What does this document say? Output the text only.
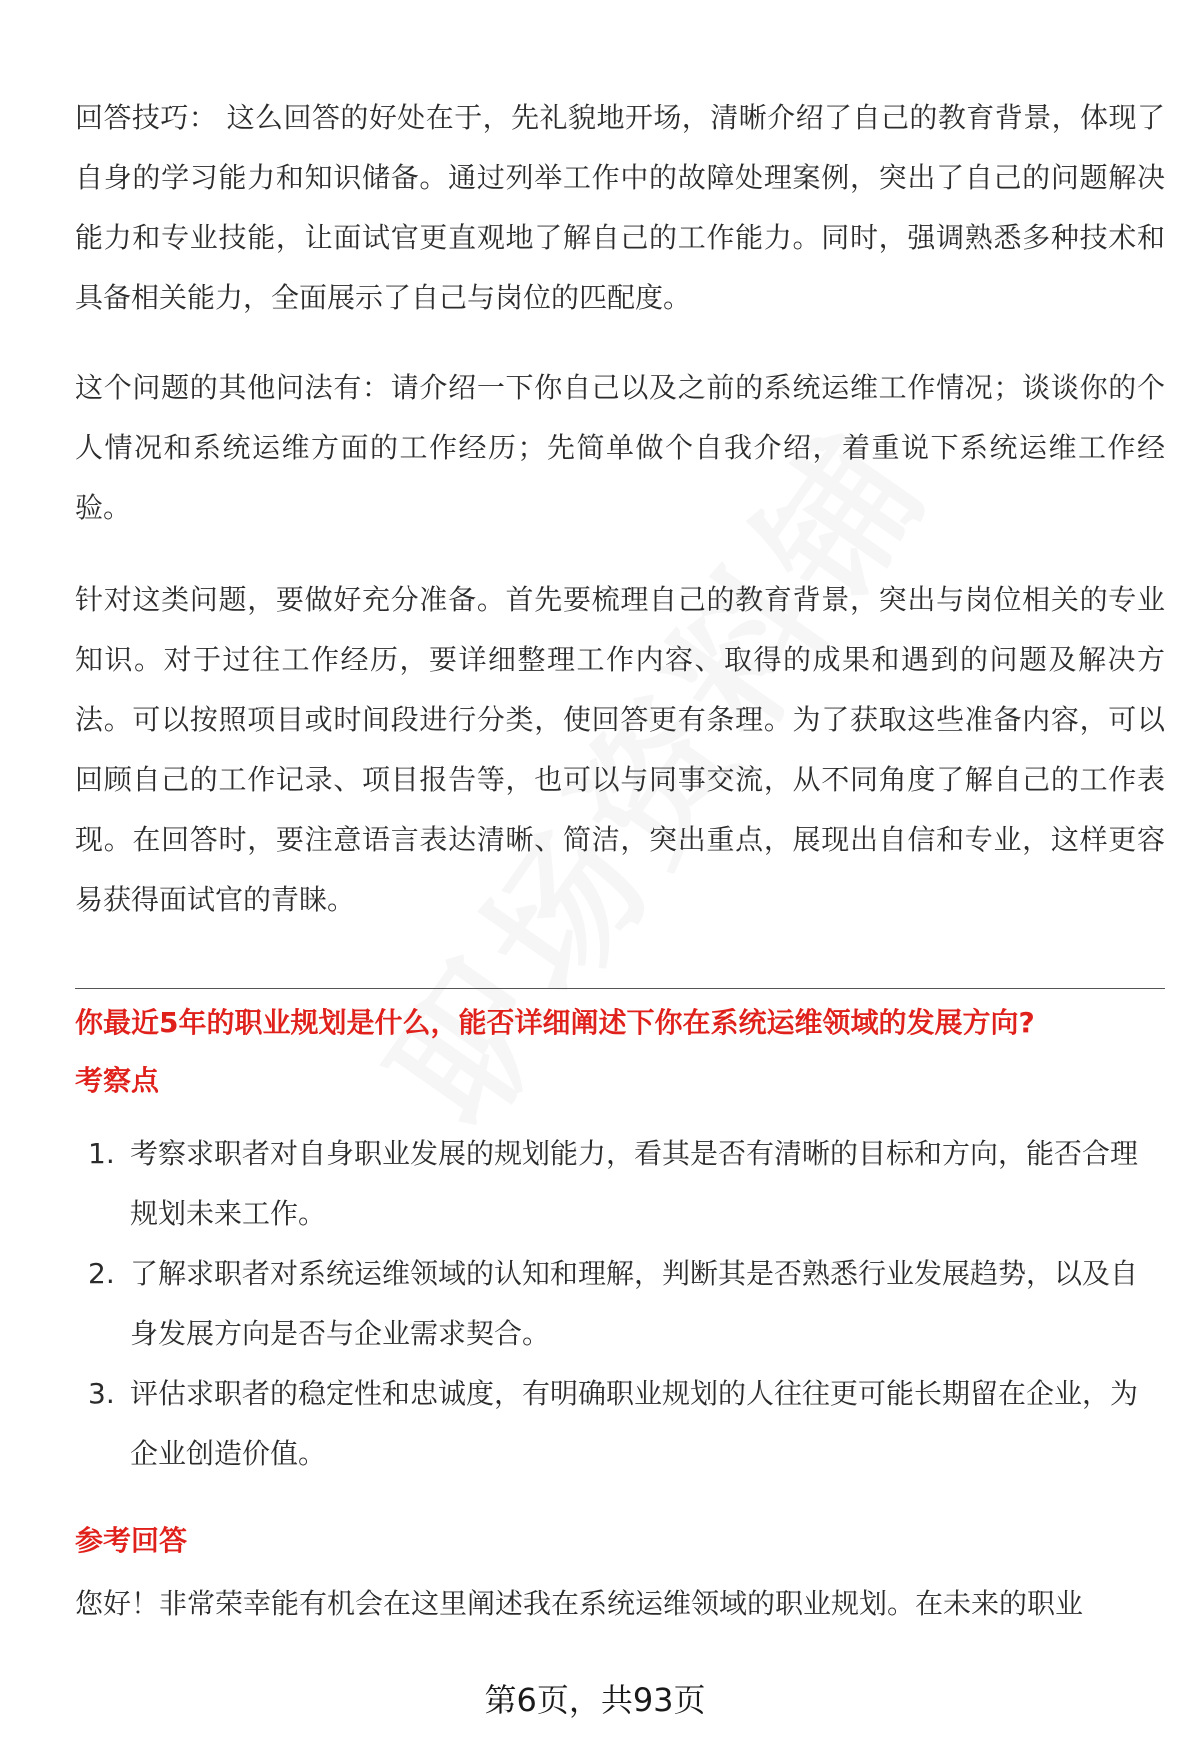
回答技巧： 这么回答的好处在于，先礼貌地开场，清晰介绍了自己的教育背景，体现了自身的学习能力和知识储备。通过列举工作中的故障处理案例，突出了自己的问题解决能力和专业技能，让面试官更直观地了解自己的工作能力。同时，强调熟悉多种技术和具备相关能力，全面展示了自己与岗位的匹配度。

这个问题的其他问法有：请介绍一下你自己以及之前的系统运维工作情况；谈谈你的个人情况和系统运维方面的工作经历；先简单做个自我介绍，着重说下系统运维工作经验。

针对这类问题，要做好充分准备。首先要梳理自己的教育背景，突出与岗位相关的专业知识。对于过往工作经历，要详细整理工作内容、取得的成果和遇到的问题及解决方法。可以按照项目或时间段进行分类，使回答更有条理。为了获取这些准备内容，可以回顾自己的工作记录、项目报告等，也可以与同事交流，从不同角度了解自己的工作表现。在回答时，要注意语言表达清晰、简洁，突出重点，展现出自信和专业，这样更容易获得面试官的青睐。

你最近5年的职业规划是什么，能否详细阐述下你在系统运维领域的发展方向?

考察点

1. 考察求职者对自身职业发展的规划能力，看其是否有清晰的目标和方向，能否合理规划未来工作。
2. 了解求职者对系统运维领域的认知和理解，判断其是否熟悉行业发展趋势，以及自身发展方向是否与企业需求契合。
3. 评估求职者的稳定性和忠诚度，有明确职业规划的人往往更可能长期留在企业，为企业创造价值。

参考回答

您好！非常荣幸能有机会在这里阐述我在系统运维领域的职业规划。在未来的职业

第6页，共93页
